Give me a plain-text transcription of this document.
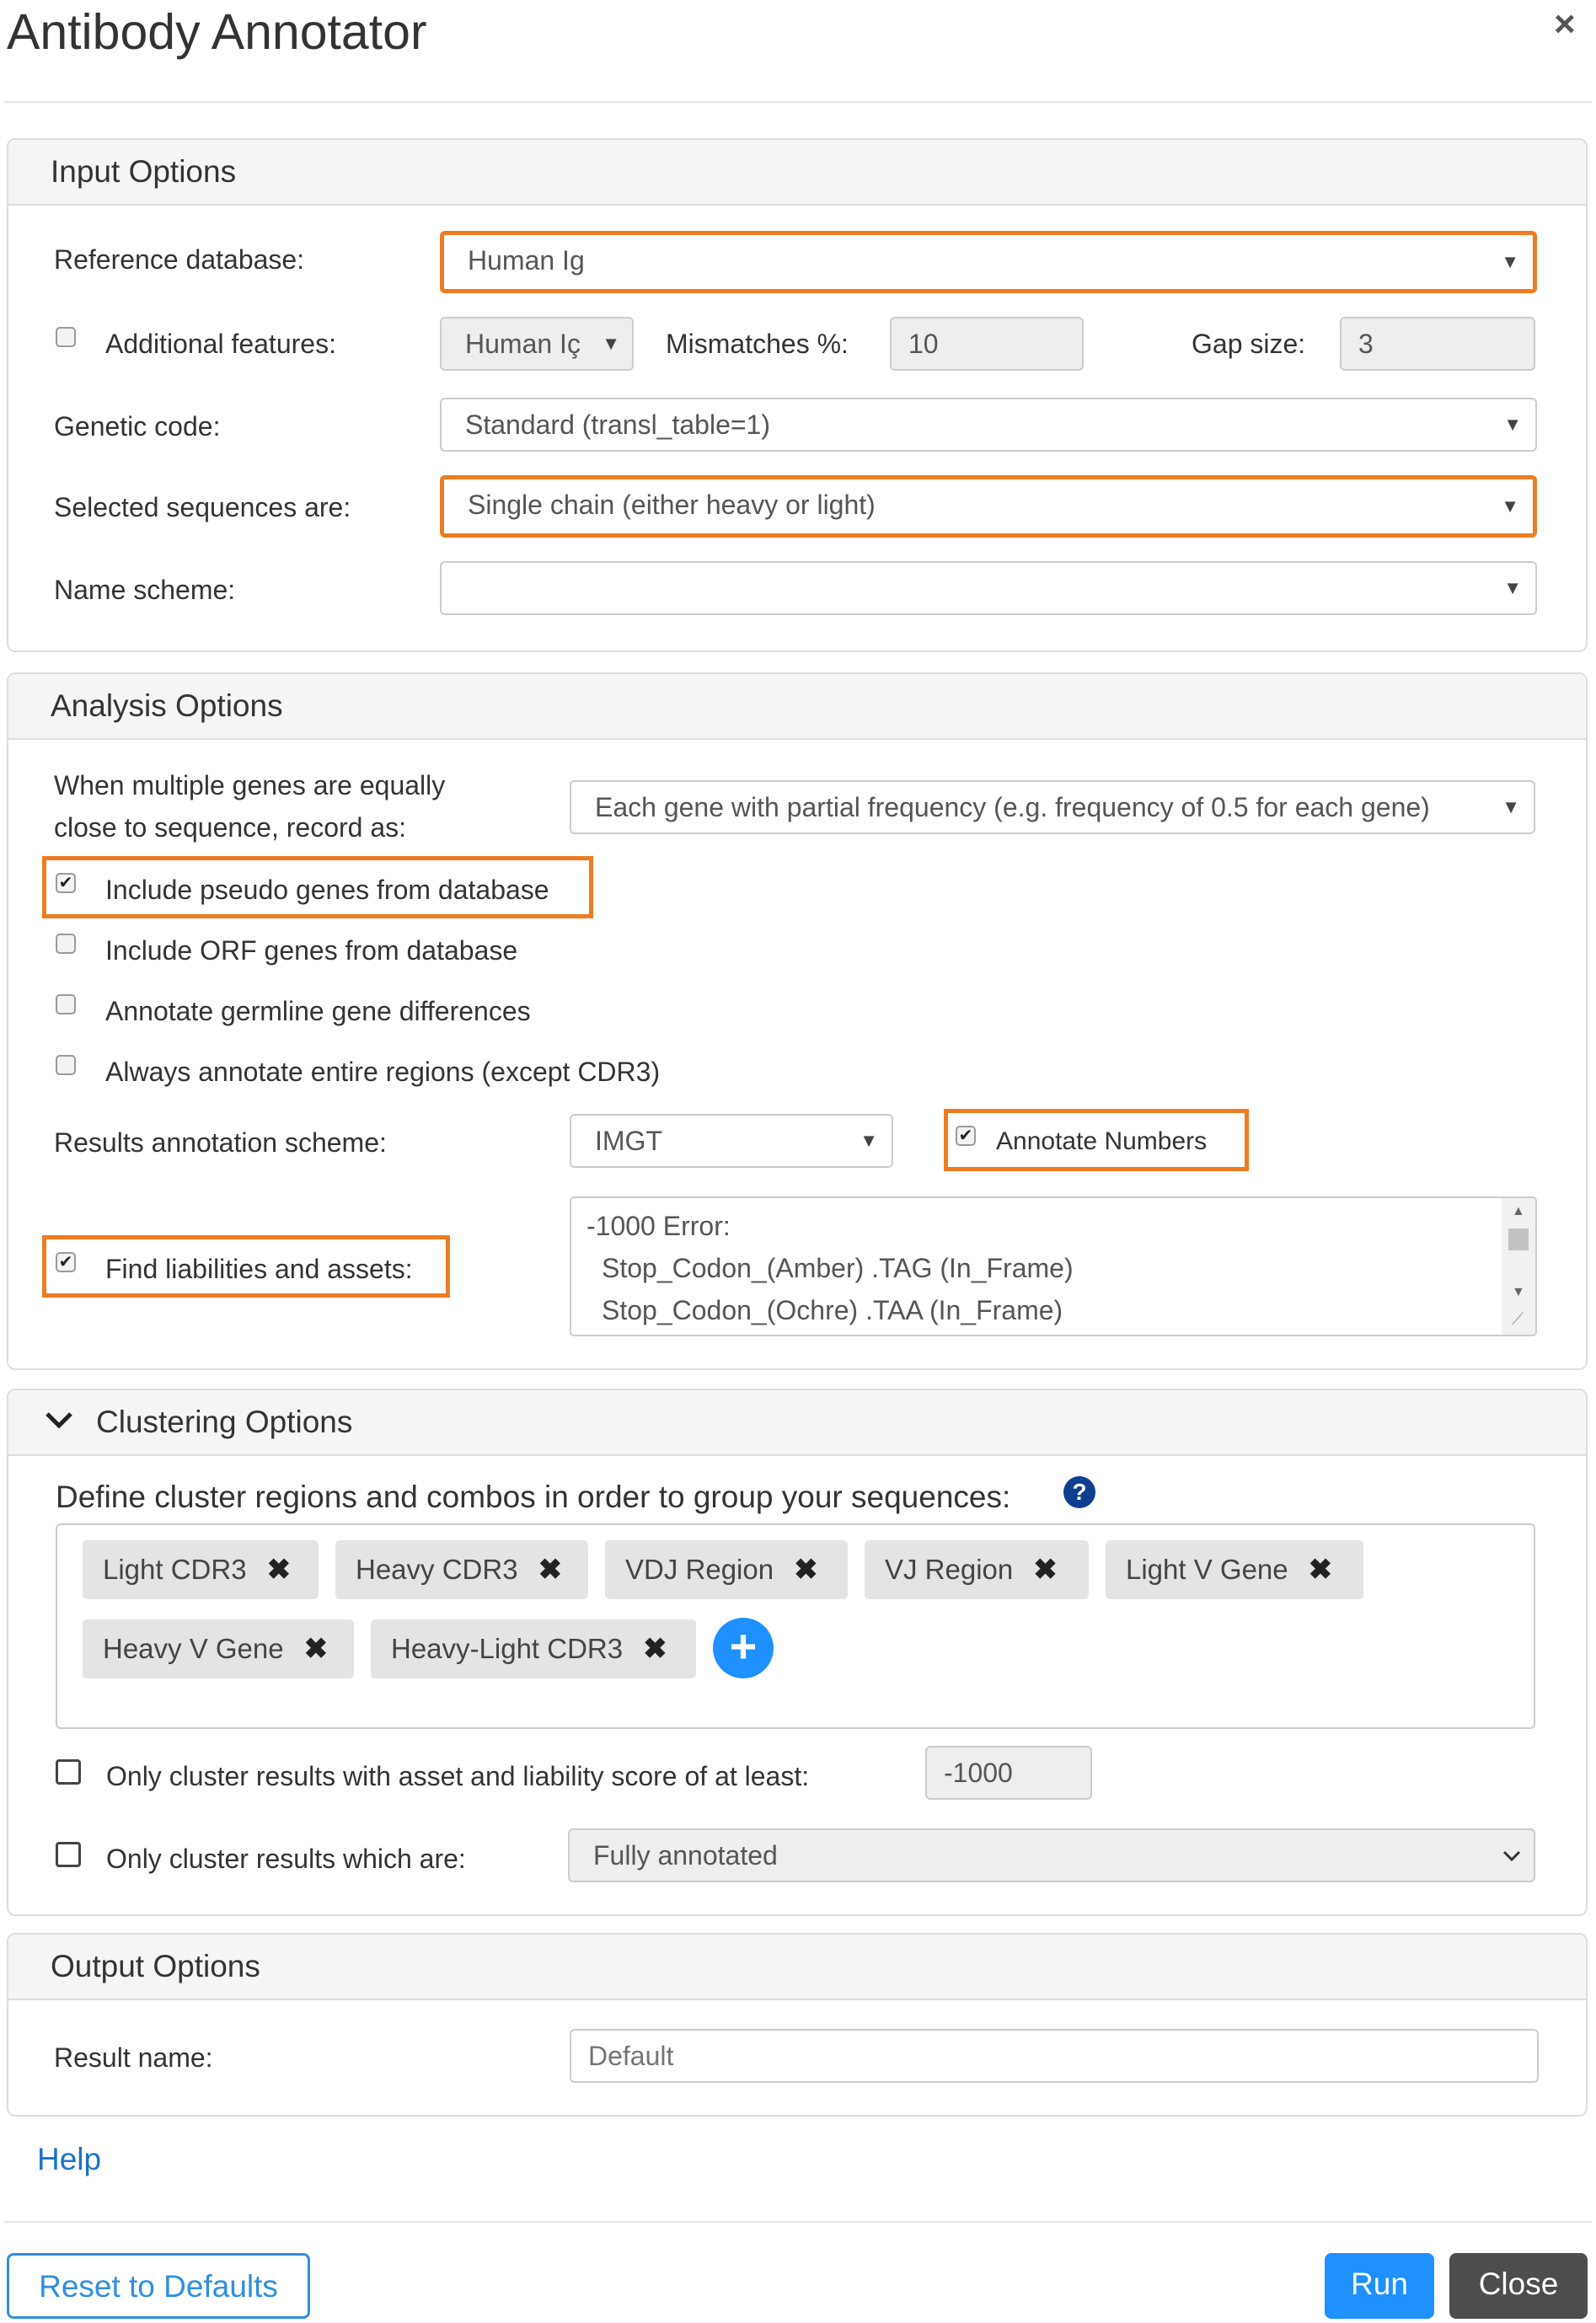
Antibody Annotator	×
Input Options
Reference database:	Human Ig	▼
Additional features:	Human Iç ▼ Mismatches %:	10	Gap size:	3
Genetic code:	Standard (transl_table=1)	▼
Selected sequences are:	Single chain (either heavy or light)	▼
Name scheme:	▼
Analysis Options
When multiple genes are equally
close to sequence, record as:
Each gene with partial frequency (e.g. frequency of 0.5 for each gene)	▼
✔ Include pseudo genes from database
Include ORF genes from database
Annotate germline gene differences
Always annotate entire regions (except CDR3)
Results annotation scheme:	IMGT	▼	✔ Annotate Numbers
✔ Find liabilities and assets:
-1000 Error:
Stop_Codon_(Amber) .TAG (In_Frame)
Stop_Codon_(Ochre) .TAA (In_Frame)
▲
▼
⟋
Clustering Options
Define cluster regions and combos in order to group your sequences:	?
Light CDR3 ✖	Heavy CDR3 ✖	VDJ Region ✖	VJ Region ✖	Light V Gene ✖
Heavy V Gene ✖	Heavy-Light CDR3 ✖	+
Only cluster results with asset and liability score of at least:	-1000
Only cluster results which are:	Fully annotated
Output Options
Result name:
Default
Help
Reset to Defaults	Run	Close
